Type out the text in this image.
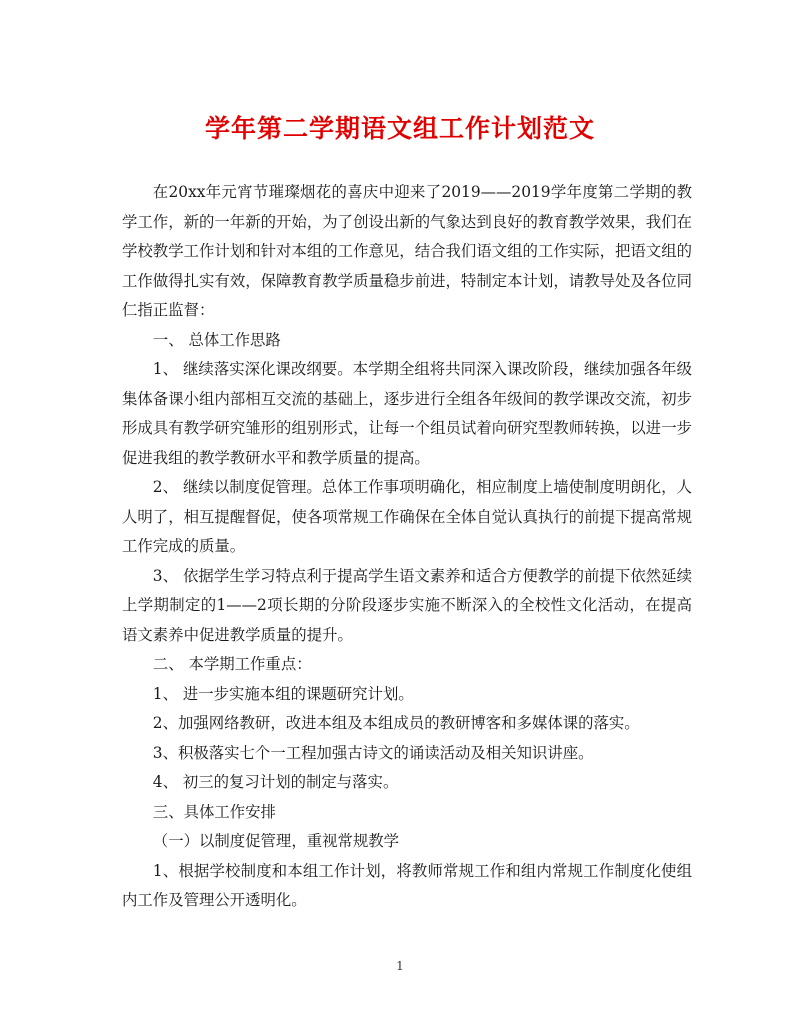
学年第二学期语文组工作计划范文

在20xx年元宵节璀璨烟花的喜庆中迎来了2019——2019学年度第二学期的教学工作，新的一年新的开始，为了创设出新的气象达到良好的教育教学效果，我们在学校教学工作计划和针对本组的工作意见，结合我们语文组的工作实际，把语文组的工作做得扎实有效，保障教育教学质量稳步前进，特制定本计划，请教导处及各位同仁指正监督：

一、 总体工作思路

1、 继续落实深化课改纲要。本学期全组将共同深入课改阶段，继续加强各年级集体备课小组内部相互交流的基础上，逐步进行全组各年级间的教学课改交流，初步形成具有教学研究雏形的组别形式，让每一个组员试着向研究型教师转换，以进一步促进我组的教学教研水平和教学质量的提高。

2、 继续以制度促管理。总体工作事项明确化，相应制度上墙使制度明朗化，人人明了，相互提醒督促，使各项常规工作确保在全体自觉认真执行的前提下提高常规工作完成的质量。

3、 依据学生学习特点利于提高学生语文素养和适合方便教学的前提下依然延续上学期制定的1——2项长期的分阶段逐步实施不断深入的全校性文化活动，在提高语文素养中促进教学质量的提升。

二、 本学期工作重点：

1、 进一步实施本组的课题研究计划。

2、加强网络教研，改进本组及本组成员的教研博客和多媒体课的落实。

3、积极落实七个一工程加强古诗文的诵读活动及相关知识讲座。

4、 初三的复习计划的制定与落实。

三、具体工作安排

（一）以制度促管理，重视常规教学

1、根据学校制度和本组工作计划，将教师常规工作和组内常规工作制度化使组内工作及管理公开透明化。

1
